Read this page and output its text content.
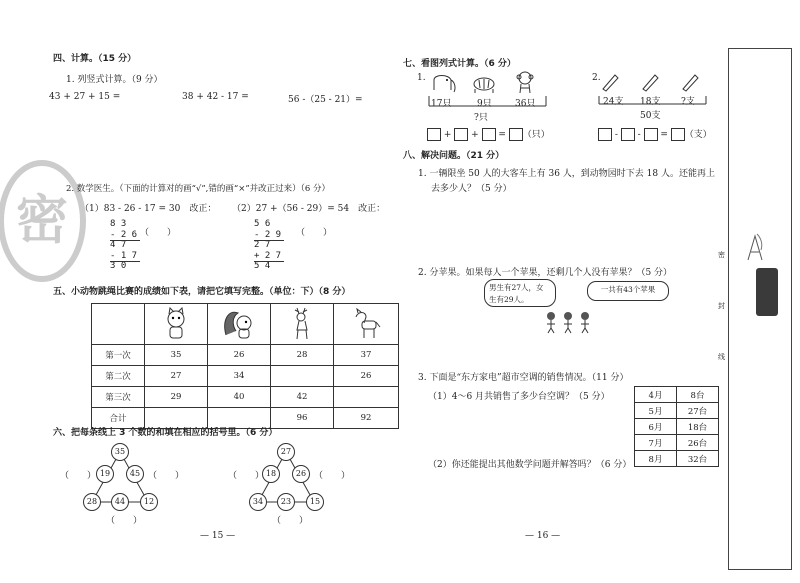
密
四、计算。（15 分）
1. 列竖式计算。（9 分）
43 + 27 + 15 =	38 + 42 - 17 =	56 -（25 - 21）=
2. 数学医生。（下面的计算对的画“√”,错的画“×”并改正过来）（6 分）
（1）83 - 26 - 17 = 30　改正： （2）27 +（56 - 29）= 54　改正：
8 3
- 2 6
4 7
- 1 7
3 0
（　　）
5 6
- 2 9
2 7
+ 2 7
5 4
（　　）
五、小动物跳绳比赛的成绩如下表，请把它填写完整。（单位：下）（8 分）

第一次	35	26	28	37
第二次	27	34		26
第三次	29	40	42	
合计			96	92
六、把每条线上 3 个数的和填在相应的括号里。（6 分）
35
19	45
28	44	12
（　　）	（　　）
（　　）
27
18	26
34	23	15
（　　）	（　　）
（　　）
— 15 —
七、看图列式计算。（6 分）
1.
17只	9只	36只
?只
+  +  = （只）
2.
24支 18支 ?支
50支
-  -  = （支）
八、解决问题。（21 分）
1. 一辆限坐 50 人的大客车上有 36 人，到动物园时下去 18 人。还能再上
去多少人？（5 分）
2. 分苹果。如果每人一个苹果，还剩几个人没有苹果？（5 分）
男生有27人，女
生有29人。
一共有43个苹果
3. 下面是“东方家电”超市空调的销售情况。（11 分）
（1）4～6 月共销售了多少台空调？（5 分）	4月	8台
5月	27台
6月	18台
7月	26台
8月	32台
（2）你还能提出其他数学问题并解答吗？（6 分）
— 16 —
密
封
线
